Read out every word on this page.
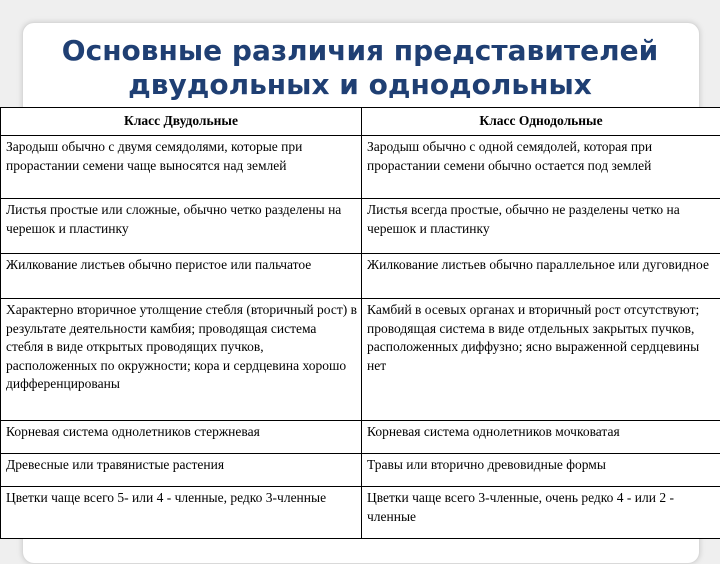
Основные различия представителей
двудольных и однодольных
Класс Двудольные	Класс Однодольные
Зародыш обычно с двумя семядолями, которые при прорастании семени чаще выносятся над землей	Зародыш обычно с одной семядолей, которая при прорастании семени обычно остается под землей
Листья простые или сложные, обычно четко разделены на черешок и пластинку	Листья всегда простые, обычно не разделены четко на черешок и пластинку
Жилкование листьев обычно перистое или пальчатое	Жилкование листьев обычно параллельное или дуговидное
Характерно вторичное утолщение стебля (вторичный рост) в результате деятельности камбия; проводящая система стебля в виде открытых проводящих пучков, расположенных по окружности; кора и сердцевина хорошо дифференцированы	Камбий в осевых органах и вторичный рост отсутствуют; проводящая система в виде отдельных закрытых пучков, расположенных диффузно; ясно выраженной сердцевины нет
Корневая система однолетников стержневая	Корневая система однолетников мочковатая
Древесные или травянистые растения	Травы или вторично древовидные формы
Цветки чаще всего 5- или 4 - членные, редко 3-членные	Цветки чаще всего 3-членные, очень редко 4 - или 2 - членные
